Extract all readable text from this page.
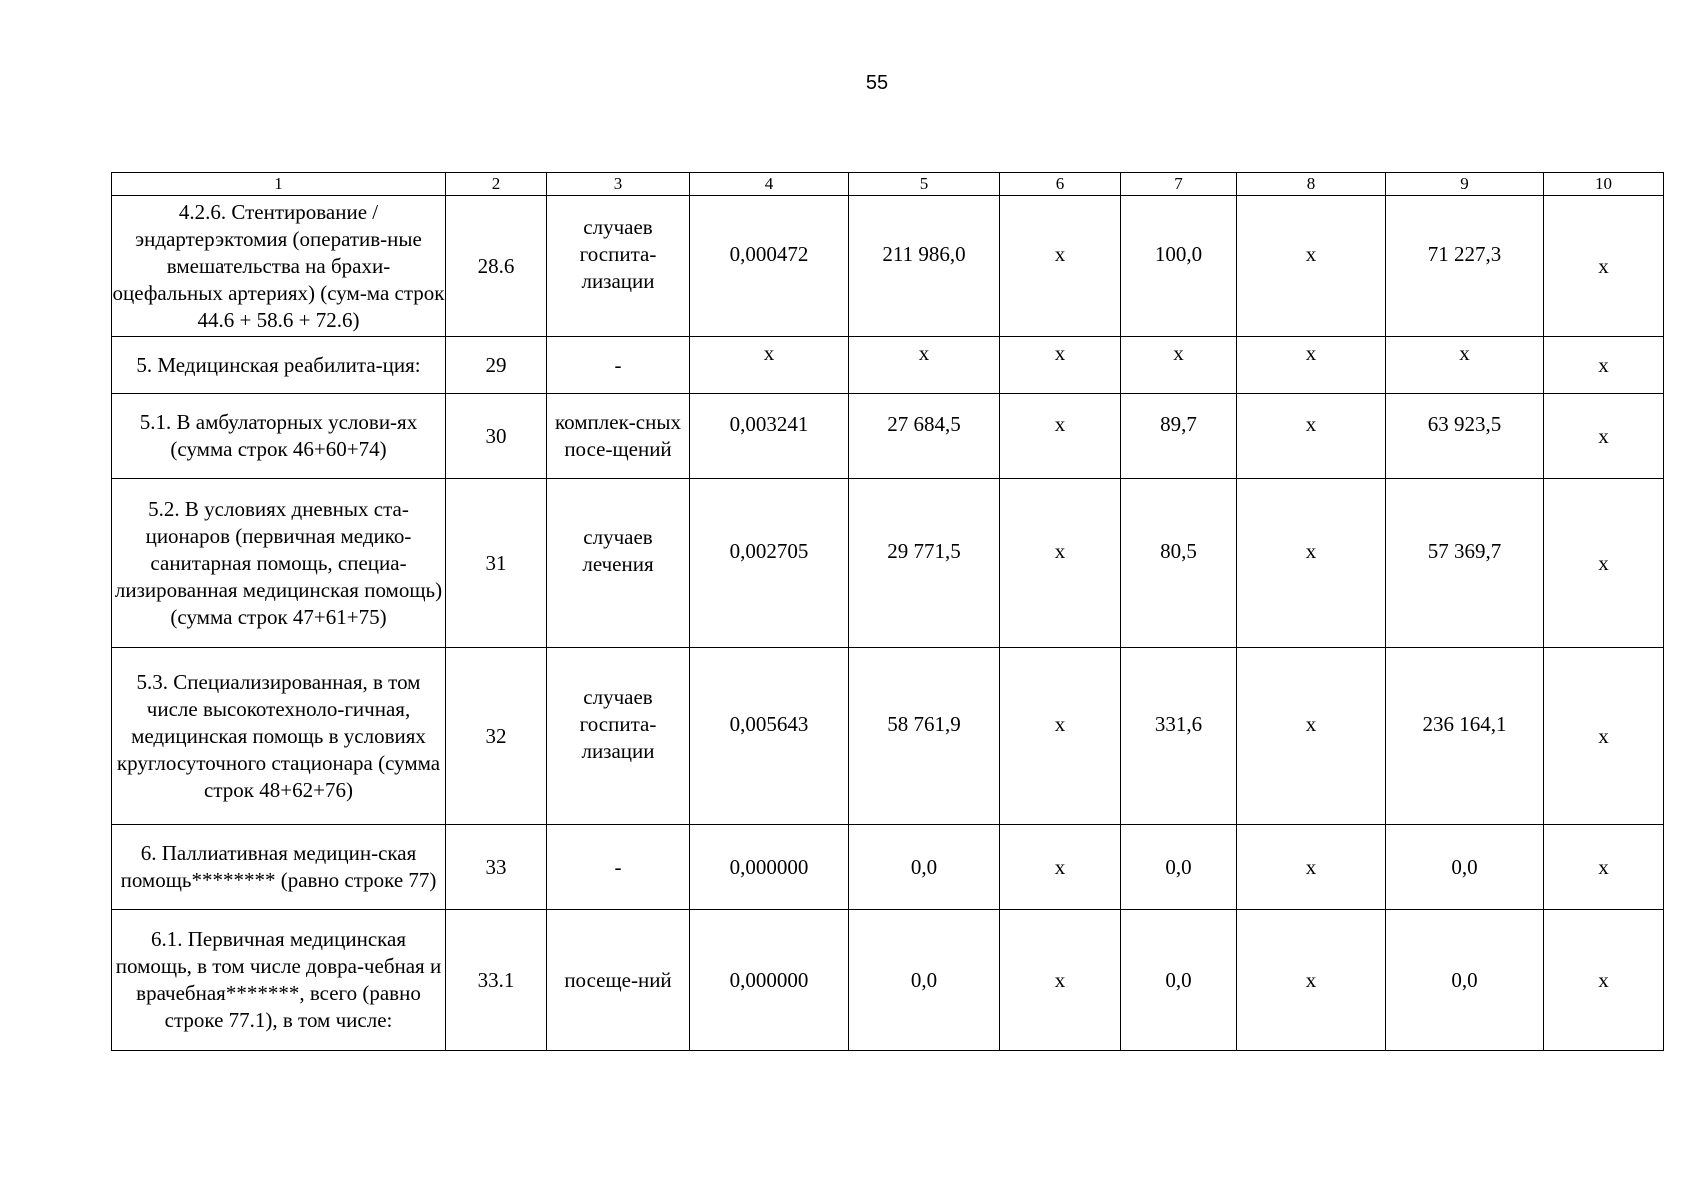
55
1	2	3	4	5	6	7	8	9	10
4.2.6. Стентирование /эндартерэктомия (оператив-ные вмешательства на брахи-оцефальных артериях) (сум-ма строк 44.6 + 58.6 + 72.6)	28.6	случаев госпита-лизации	0,000472	211 986,0	х	100,0	х	71 227,3	х
5. Медицинская реабилита-ция:	29	-	х	х	х	х	х	х	х
5.1. В амбулаторных услови-ях (сумма строк 46+60+74)	30	комплек-сных посе-щений	0,003241	27 684,5	х	89,7	х	63 923,5	х
5.2. В условиях дневных ста-ционаров (первичная медико-санитарная помощь, специа-лизированная медицинская помощь) (сумма строк 47+61+75)	31	случаев лечения	0,002705	29 771,5	х	80,5	х	57 369,7	х
5.3. Специализированная, в том числе высокотехноло-гичная, медицинская помощь в условиях круглосуточного стационара (сумма строк 48+62+76)	32	случаев госпита-лизации	0,005643	58 761,9	х	331,6	х	236 164,1	х
6. Паллиативная медицин-ская помощь******** (равно строке 77)	33	-	0,000000	0,0	х	0,0	х	0,0	х
6.1. Первичная медицинская помощь, в том числе довра-чебная и врачебная*******, всего (равно строке 77.1), в том числе:	33.1	посеще-ний	0,000000	0,0	х	0,0	х	0,0	х
